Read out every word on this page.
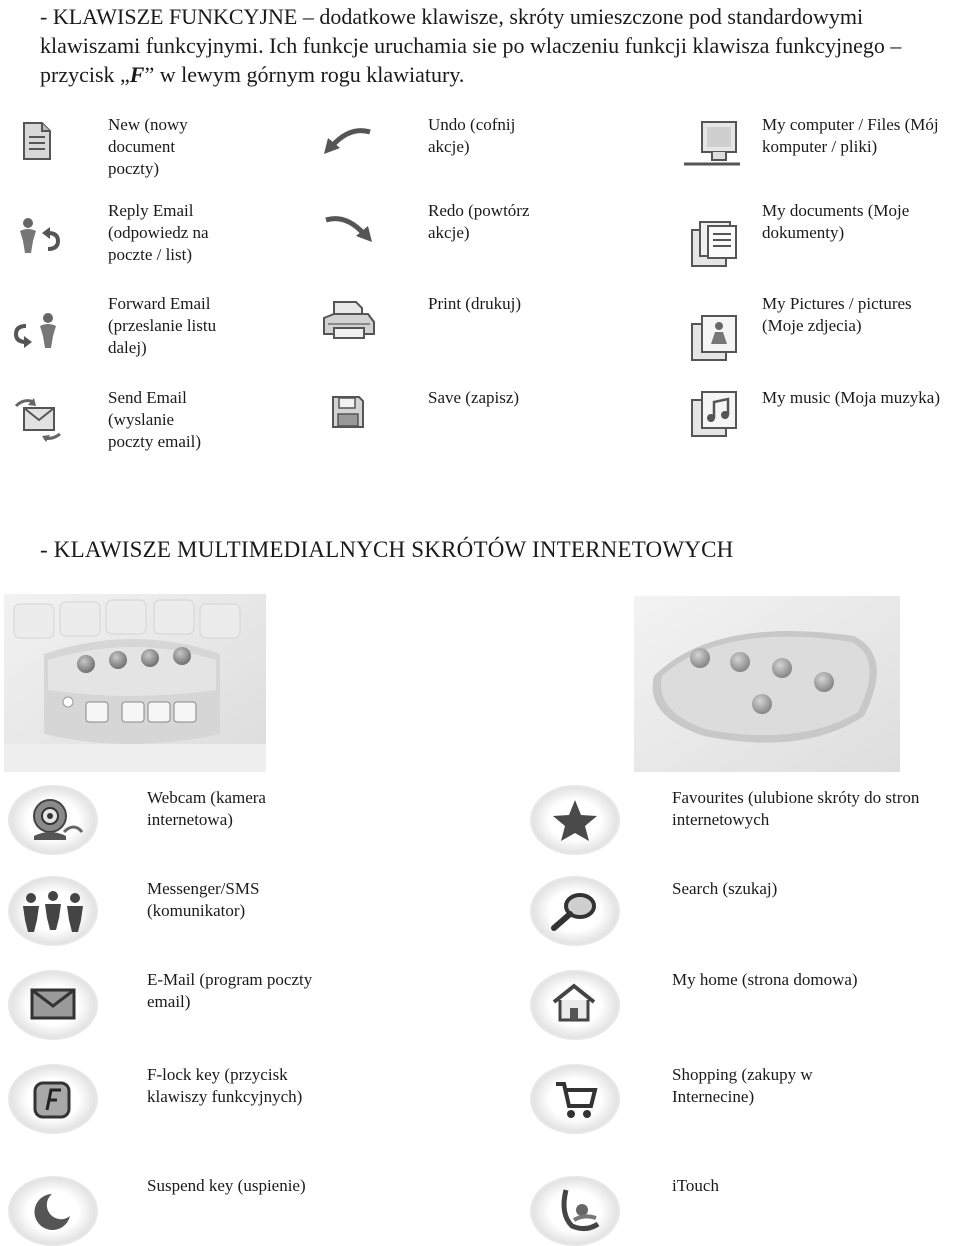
- KLAWISZE FUNKCYJNE – dodatkowe klawisze, skróty umieszczone pod standardowymi klawiszami funkcyjnymi. Ich funkcje uruchamia sie po wlaczeniu funkcji klawisza funkcyjnego – przycisk „F” w lewym górnym rogu klawiatury.
New (nowy document poczty)
Reply Email (odpowiedz na poczte / list)
Forward Email (przeslanie listu dalej)
Send Email (wyslanie poczty email)
Undo (cofnij akcje)
Redo (powtórz akcje)
Print (drukuj)
Save (zapisz)
My computer / Files (Mój komputer / pliki)
My documents (Moje dokumenty)
My Pictures / pictures (Moje zdjecia)
My music (Moja muzyka)
- KLAWISZE MULTIMEDIALNYCH SKRÓTÓW INTERNETOWYCH
Webcam (kamera internetowa)
Messenger/SMS (komunikator)
E-Mail (program poczty email)
F-lock key (przycisk klawiszy funkcyjnych)
Suspend key (uspienie)
Favourites (ulubione skróty do stron internetowych
Search (szukaj)
My home (strona domowa)
Shopping (zakupy w Internecine)
iTouch
